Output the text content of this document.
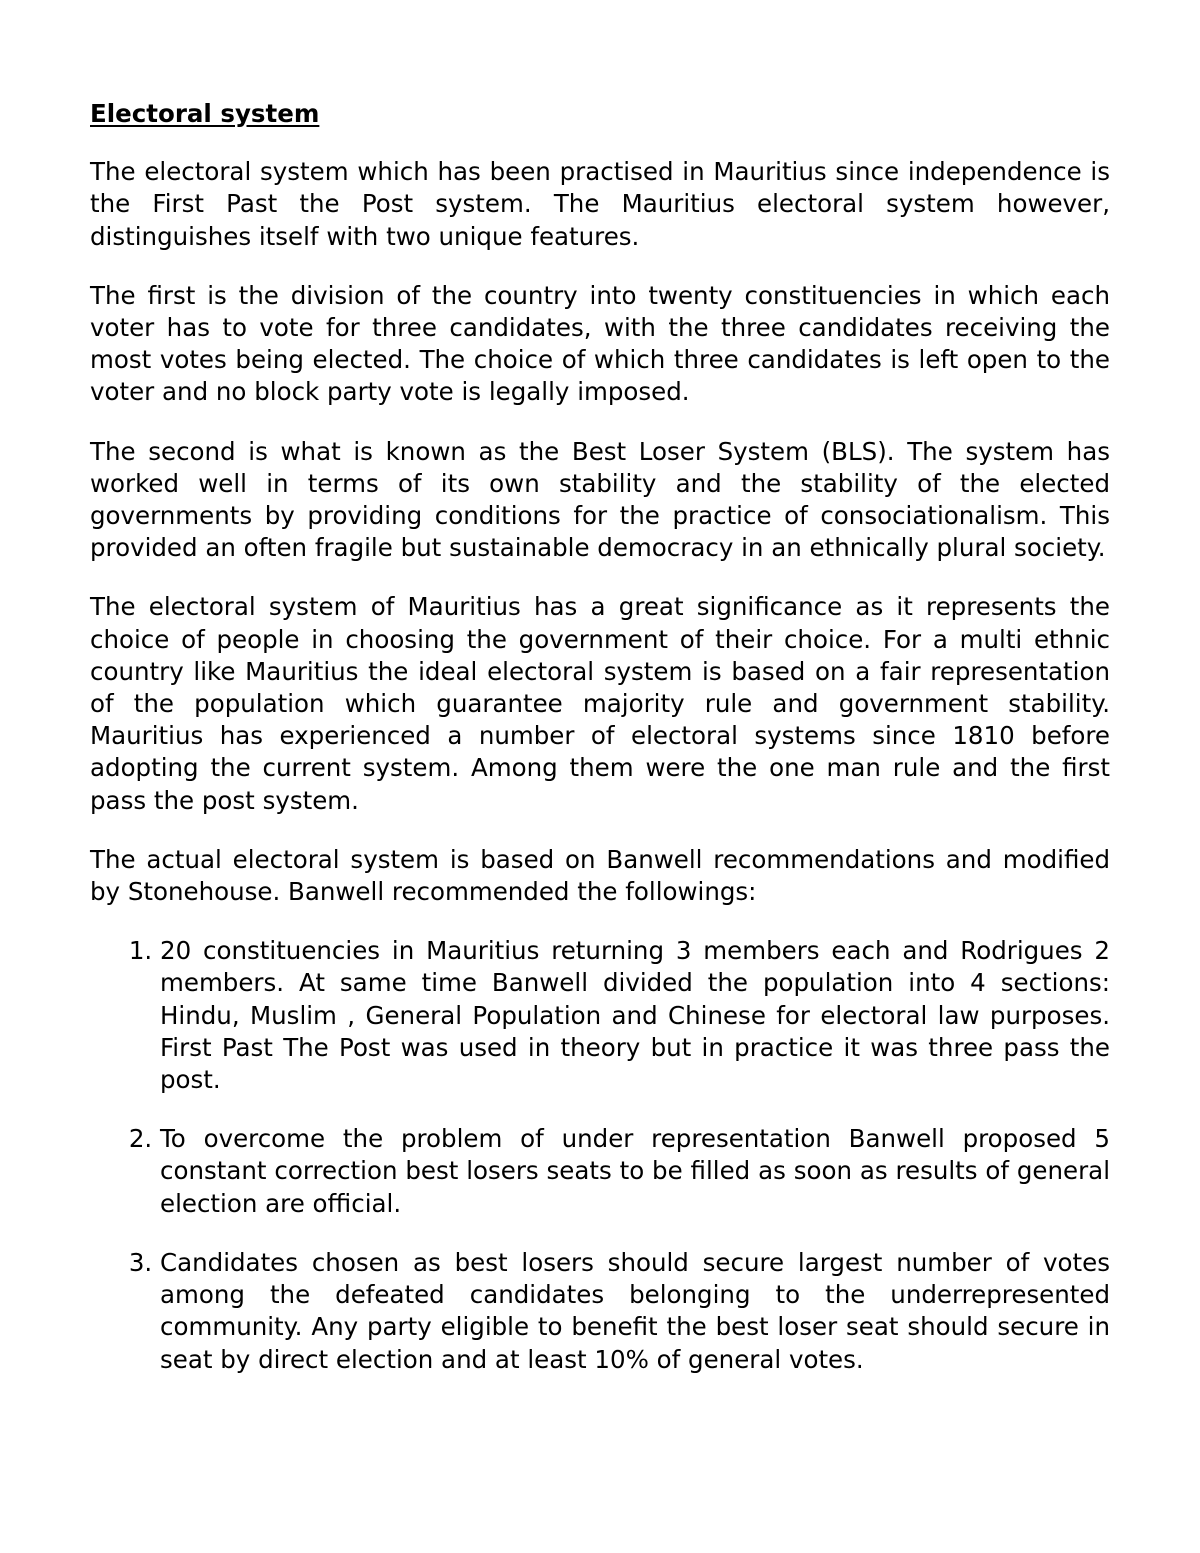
Electoral system

The electoral system which has been practised in Mauritius since independence is the First Past the Post system. The Mauritius electoral system however, distinguishes itself with two unique features.

The first is the division of the country into twenty constituencies in which each voter has to vote for three candidates, with the three candidates receiving the most votes being elected. The choice of which three candidates is left open to the voter and no block party vote is legally imposed.

The second is what is known as the Best Loser System (BLS). The system has worked well in terms of its own stability and the stability of the elected governments by providing conditions for the practice of consociationalism. This provided an often fragile but sustainable democracy in an ethnically plural society.

The electoral system of Mauritius has a great significance as it represents the choice of people in choosing the government of their choice. For a multi ethnic country like Mauritius the ideal electoral system is based on a fair representation of the population which guarantee majority rule and government stability. Mauritius has experienced a number of electoral systems since 1810 before adopting the current system. Among them were the one man rule and the first pass the post system.

The actual electoral system is based on Banwell recommendations and modified by Stonehouse. Banwell recommended the followings:

1. 20 constituencies in Mauritius returning 3 members each and Rodrigues 2 members. At same time Banwell divided the population into 4 sections: Hindu, Muslim , General Population and Chinese for electoral law purposes. First Past The Post was used in theory but in practice it was three pass the post.
2. To overcome the problem of under representation Banwell proposed 5 constant correction best losers seats to be filled as soon as results of general election are official.
3. Candidates chosen as best losers should secure largest number of votes among the defeated candidates belonging to the underrepresented community. Any party eligible to benefit the best loser seat should secure in seat by direct election and at least 10% of general votes.
